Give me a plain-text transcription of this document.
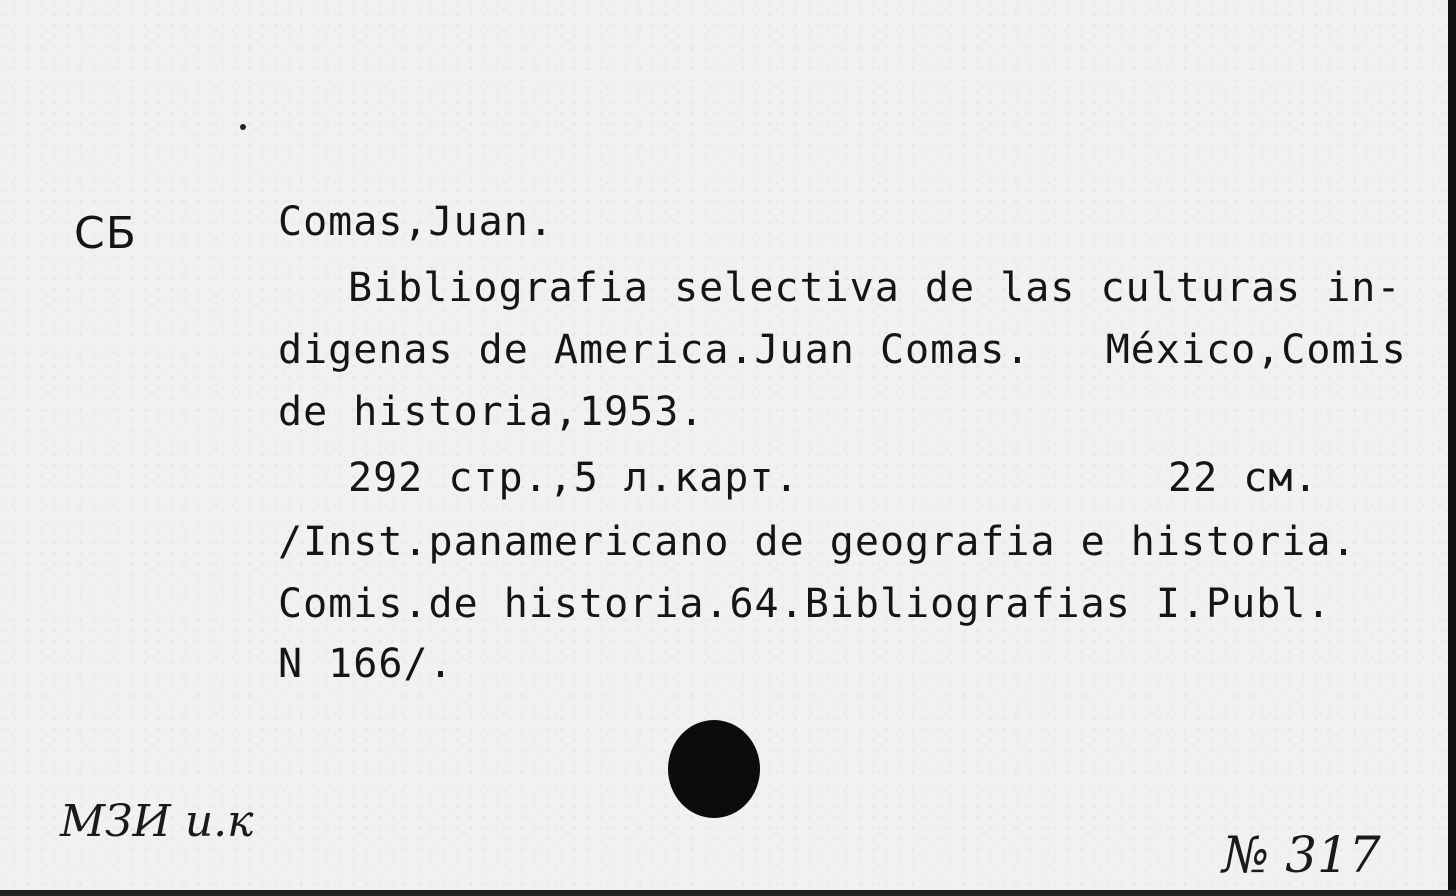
СБ	Comas,Juan.
Bibliografia selectiva de las culturas in-
digenas de America.Juan Comas.   México,Comis
de historia,1953.
292 стр.,5 л.карт.	22 см.
/Inst.panamericano de geografia e historia.
Comis.de historia.64.Bibliografias I.Publ.
N 166/.
МЗИ и.к
№ 317
